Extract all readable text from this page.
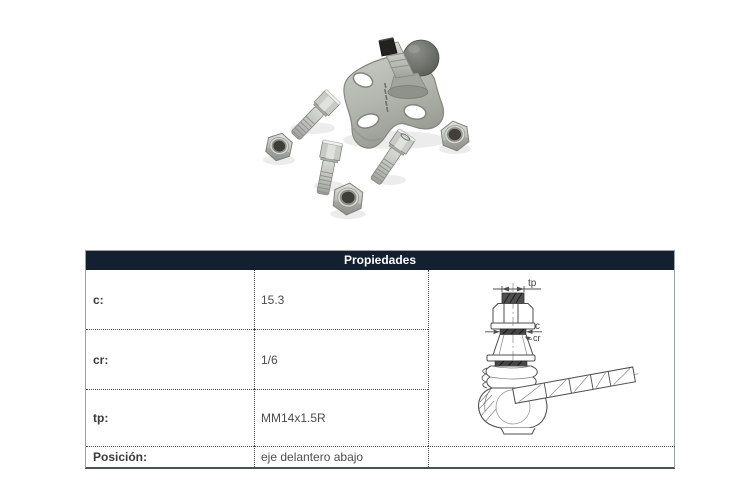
Propiedades
c:	15.3
cr:	1/6
tp:	MM14x1.5R
Posición:	eje delantero abajo
tp
c
cr
